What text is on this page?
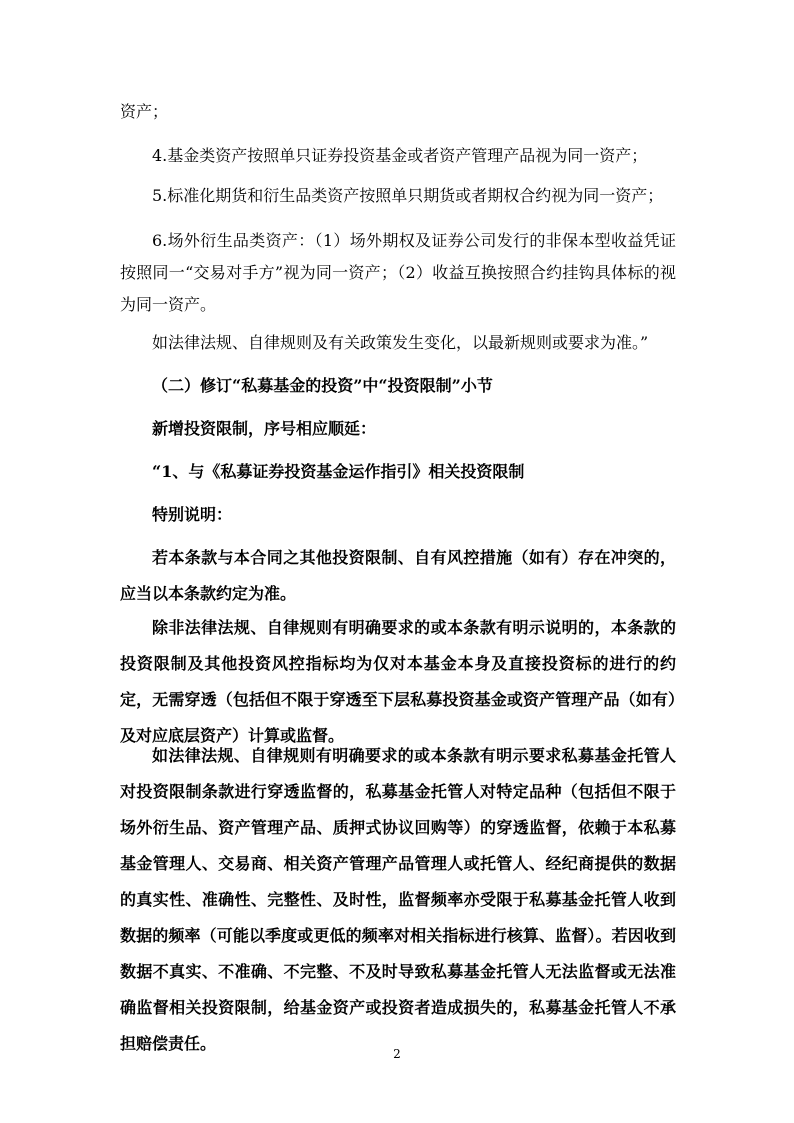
资产；

4.基金类资产按照单只证券投资基金或者资产管理产品视为同一资产；

5.标准化期货和衍生品类资产按照单只期货或者期权合约视为同一资产；

6.场外衍生品类资产：（1）场外期权及证券公司发行的非保本型收益凭证按照同一“交易对手方”视为同一资产；（2）收益互换按照合约挂钩具体标的视为同一资产。

如法律法规、自律规则及有关政策发生变化，以最新规则或要求为准。”

（二）修订“私募基金的投资”中“投资限制”小节

新增投资限制，序号相应顺延：

“1、与《私募证券投资基金运作指引》相关投资限制

特别说明：

若本条款与本合同之其他投资限制、自有风控措施（如有）存在冲突的，应当以本条款约定为准。

除非法律法规、自律规则有明确要求的或本条款有明示说明的，本条款的投资限制及其他投资风控指标均为仅对本基金本身及直接投资标的进行的约定，无需穿透（包括但不限于穿透至下层私募投资基金或资产管理产品（如有）及对应底层资产）计算或监督。

如法律法规、自律规则有明确要求的或本条款有明示要求私募基金托管人对投资限制条款进行穿透监督的，私募基金托管人对特定品种（包括但不限于场外衍生品、资产管理产品、质押式协议回购等）的穿透监督，依赖于本私募基金管理人、交易商、相关资产管理产品管理人或托管人、经纪商提供的数据的真实性、准确性、完整性、及时性，监督频率亦受限于私募基金托管人收到数据的频率（可能以季度或更低的频率对相关指标进行核算、监督）。若因收到数据不真实、不准确、不完整、不及时导致私募基金托管人无法监督或无法准确监督相关投资限制，给基金资产或投资者造成损失的，私募基金托管人不承担赔偿责任。

2
